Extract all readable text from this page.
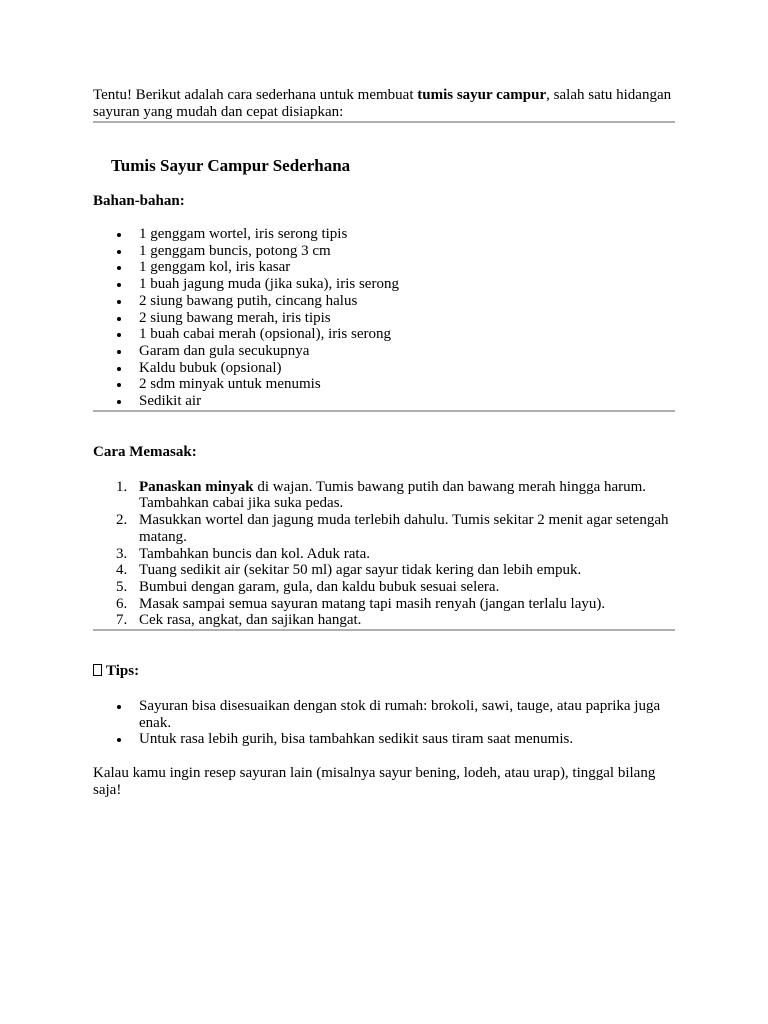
Tentu! Berikut adalah cara sederhana untuk membuat tumis sayur campur, salah satu hidangan sayuran yang mudah dan cepat disiapkan:

Tumis Sayur Campur Sederhana

Bahan-bahan:

1 genggam wortel, iris serong tipis
1 genggam buncis, potong 3 cm
1 genggam kol, iris kasar
1 buah jagung muda (jika suka), iris serong
2 siung bawang putih, cincang halus
2 siung bawang merah, iris tipis
1 buah cabai merah (opsional), iris serong
Garam dan gula secukupnya
Kaldu bubuk (opsional)
2 sdm minyak untuk menumis
Sedikit air

Cara Memasak:

1. Panaskan minyak di wajan. Tumis bawang putih dan bawang merah hingga harum. Tambahkan cabai jika suka pedas.
2. Masukkan wortel dan jagung muda terlebih dahulu. Tumis sekitar 2 menit agar setengah matang.
3. Tambahkan buncis dan kol. Aduk rata.
4. Tuang sedikit air (sekitar 50 ml) agar sayur tidak kering dan lebih empuk.
5. Bumbui dengan garam, gula, dan kaldu bubuk sesuai selera.
6. Masak sampai semua sayuran matang tapi masih renyah (jangan terlalu layu).
7. Cek rasa, angkat, dan sajikan hangat.

Tips:

Sayuran bisa disesuaikan dengan stok di rumah: brokoli, sawi, tauge, atau paprika juga enak.
Untuk rasa lebih gurih, bisa tambahkan sedikit saus tiram saat menumis.

Kalau kamu ingin resep sayuran lain (misalnya sayur bening, lodeh, atau urap), tinggal bilang saja!
